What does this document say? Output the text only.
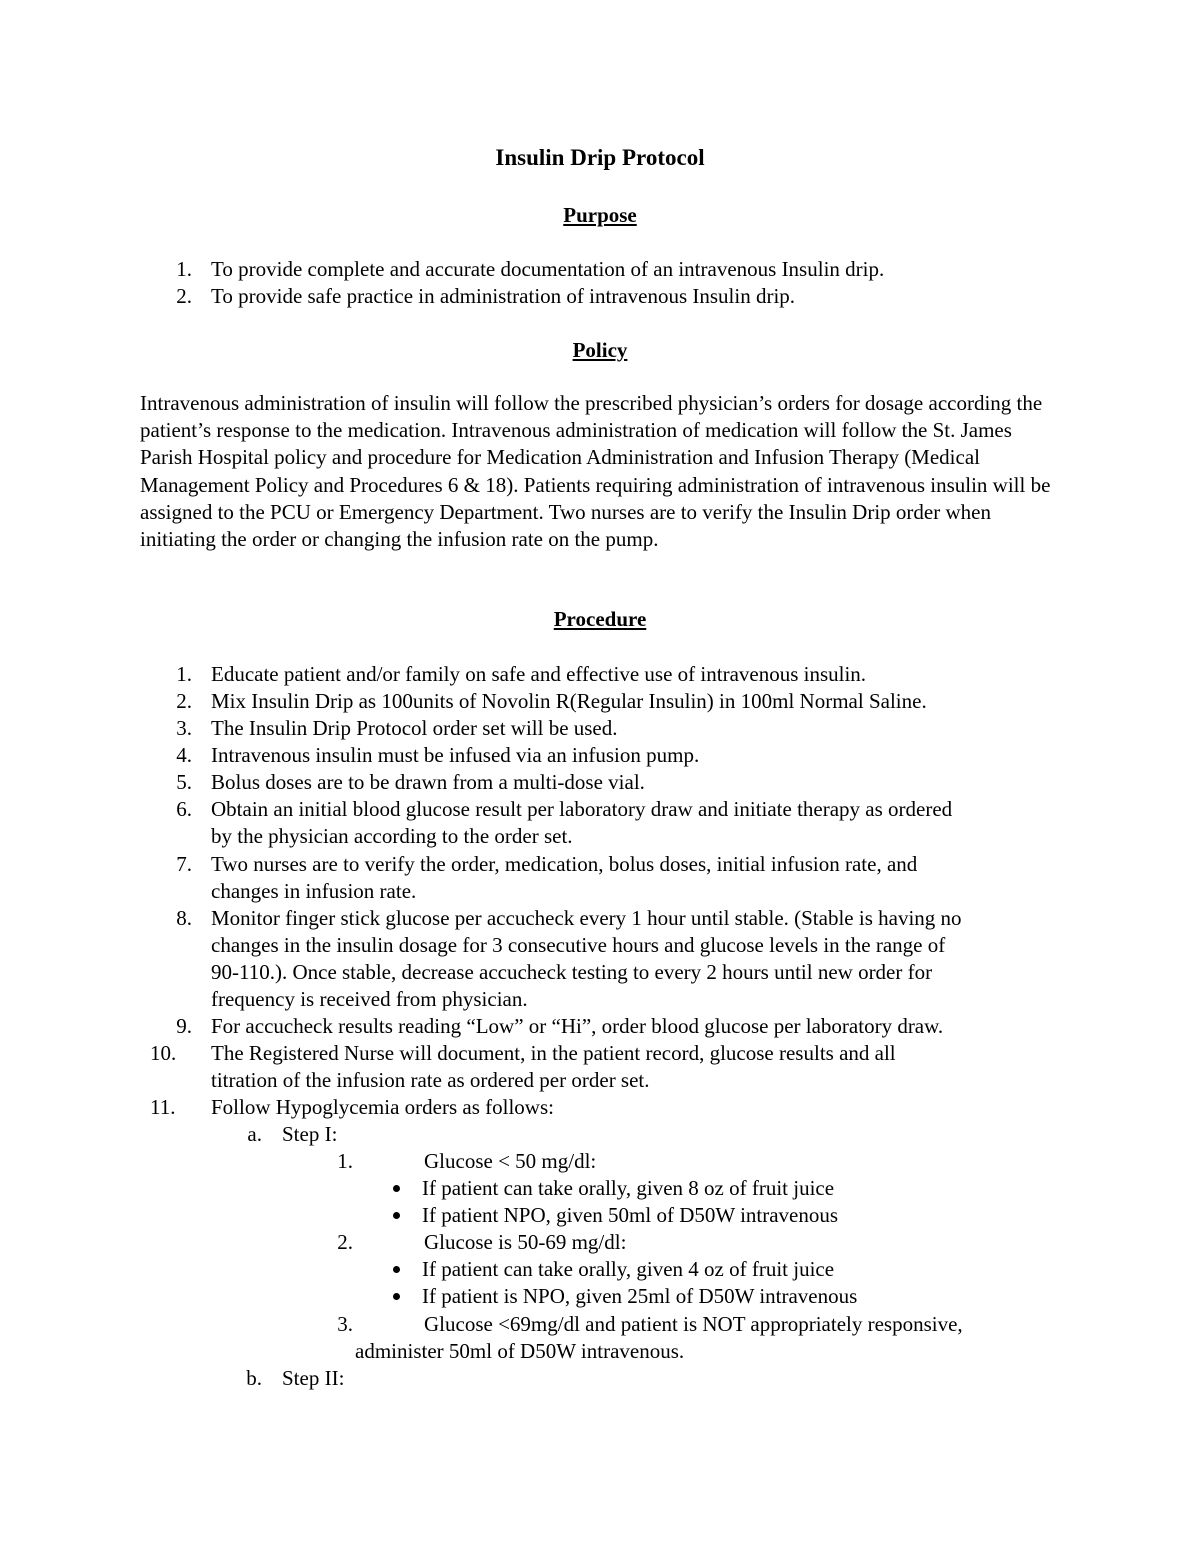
Insulin Drip Protocol
Purpose
1. To provide complete and accurate documentation of an intravenous Insulin drip.
2. To provide safe practice in administration of intravenous Insulin drip.
Policy

Intravenous administration of insulin will follow the prescribed physician’s orders for dosage according the patient’s response to the medication. Intravenous administration of medication will follow the St. James Parish Hospital policy and procedure for Medication Administration and Infusion Therapy (Medical Management Policy and Procedures 6 & 18). Patients requiring administration of intravenous insulin will be assigned to the PCU or Emergency Department. Two nurses are to verify the Insulin Drip order when initiating the order or changing the infusion rate on the pump.

Procedure
1. Educate patient and/or family on safe and effective use of intravenous insulin.
2. Mix Insulin Drip as 100units of Novolin R(Regular Insulin) in 100ml Normal Saline.
3. The Insulin Drip Protocol order set will be used.
4. Intravenous insulin must be infused via an infusion pump.
5. Bolus doses are to be drawn from a multi-dose vial.
6. Obtain an initial blood glucose result per laboratory draw and initiate therapy as ordered
by the physician according to the order set.
7. Two nurses are to verify the order, medication, bolus doses, initial infusion rate, and
changes in infusion rate.
8. Monitor finger stick glucose per accucheck every 1 hour until stable. (Stable is having no
changes in the insulin dosage for 3 consecutive hours and glucose levels in the range of
90-110.). Once stable, decrease accucheck testing to every 2 hours until new order for
frequency is received from physician.
9. For accucheck results reading “Low” or “Hi”, order blood glucose per laboratory draw.
10.	The Registered Nurse will document, in the patient record, glucose results and all
titration of the infusion rate as ordered per order set.
11.	Follow Hypoglycemia orders as follows:
a. Step I:
1.	Glucose < 50 mg/dl:
If patient can take orally, given 8 oz of fruit juice
If patient NPO, given 50ml of D50W intravenous
2.	Glucose is 50-69 mg/dl:
If patient can take orally, given 4 oz of fruit juice
If patient is NPO, given 25ml of D50W intravenous
3.	Glucose <69mg/dl and patient is NOT appropriately responsive,
administer 50ml of D50W intravenous.
b. Step II:
